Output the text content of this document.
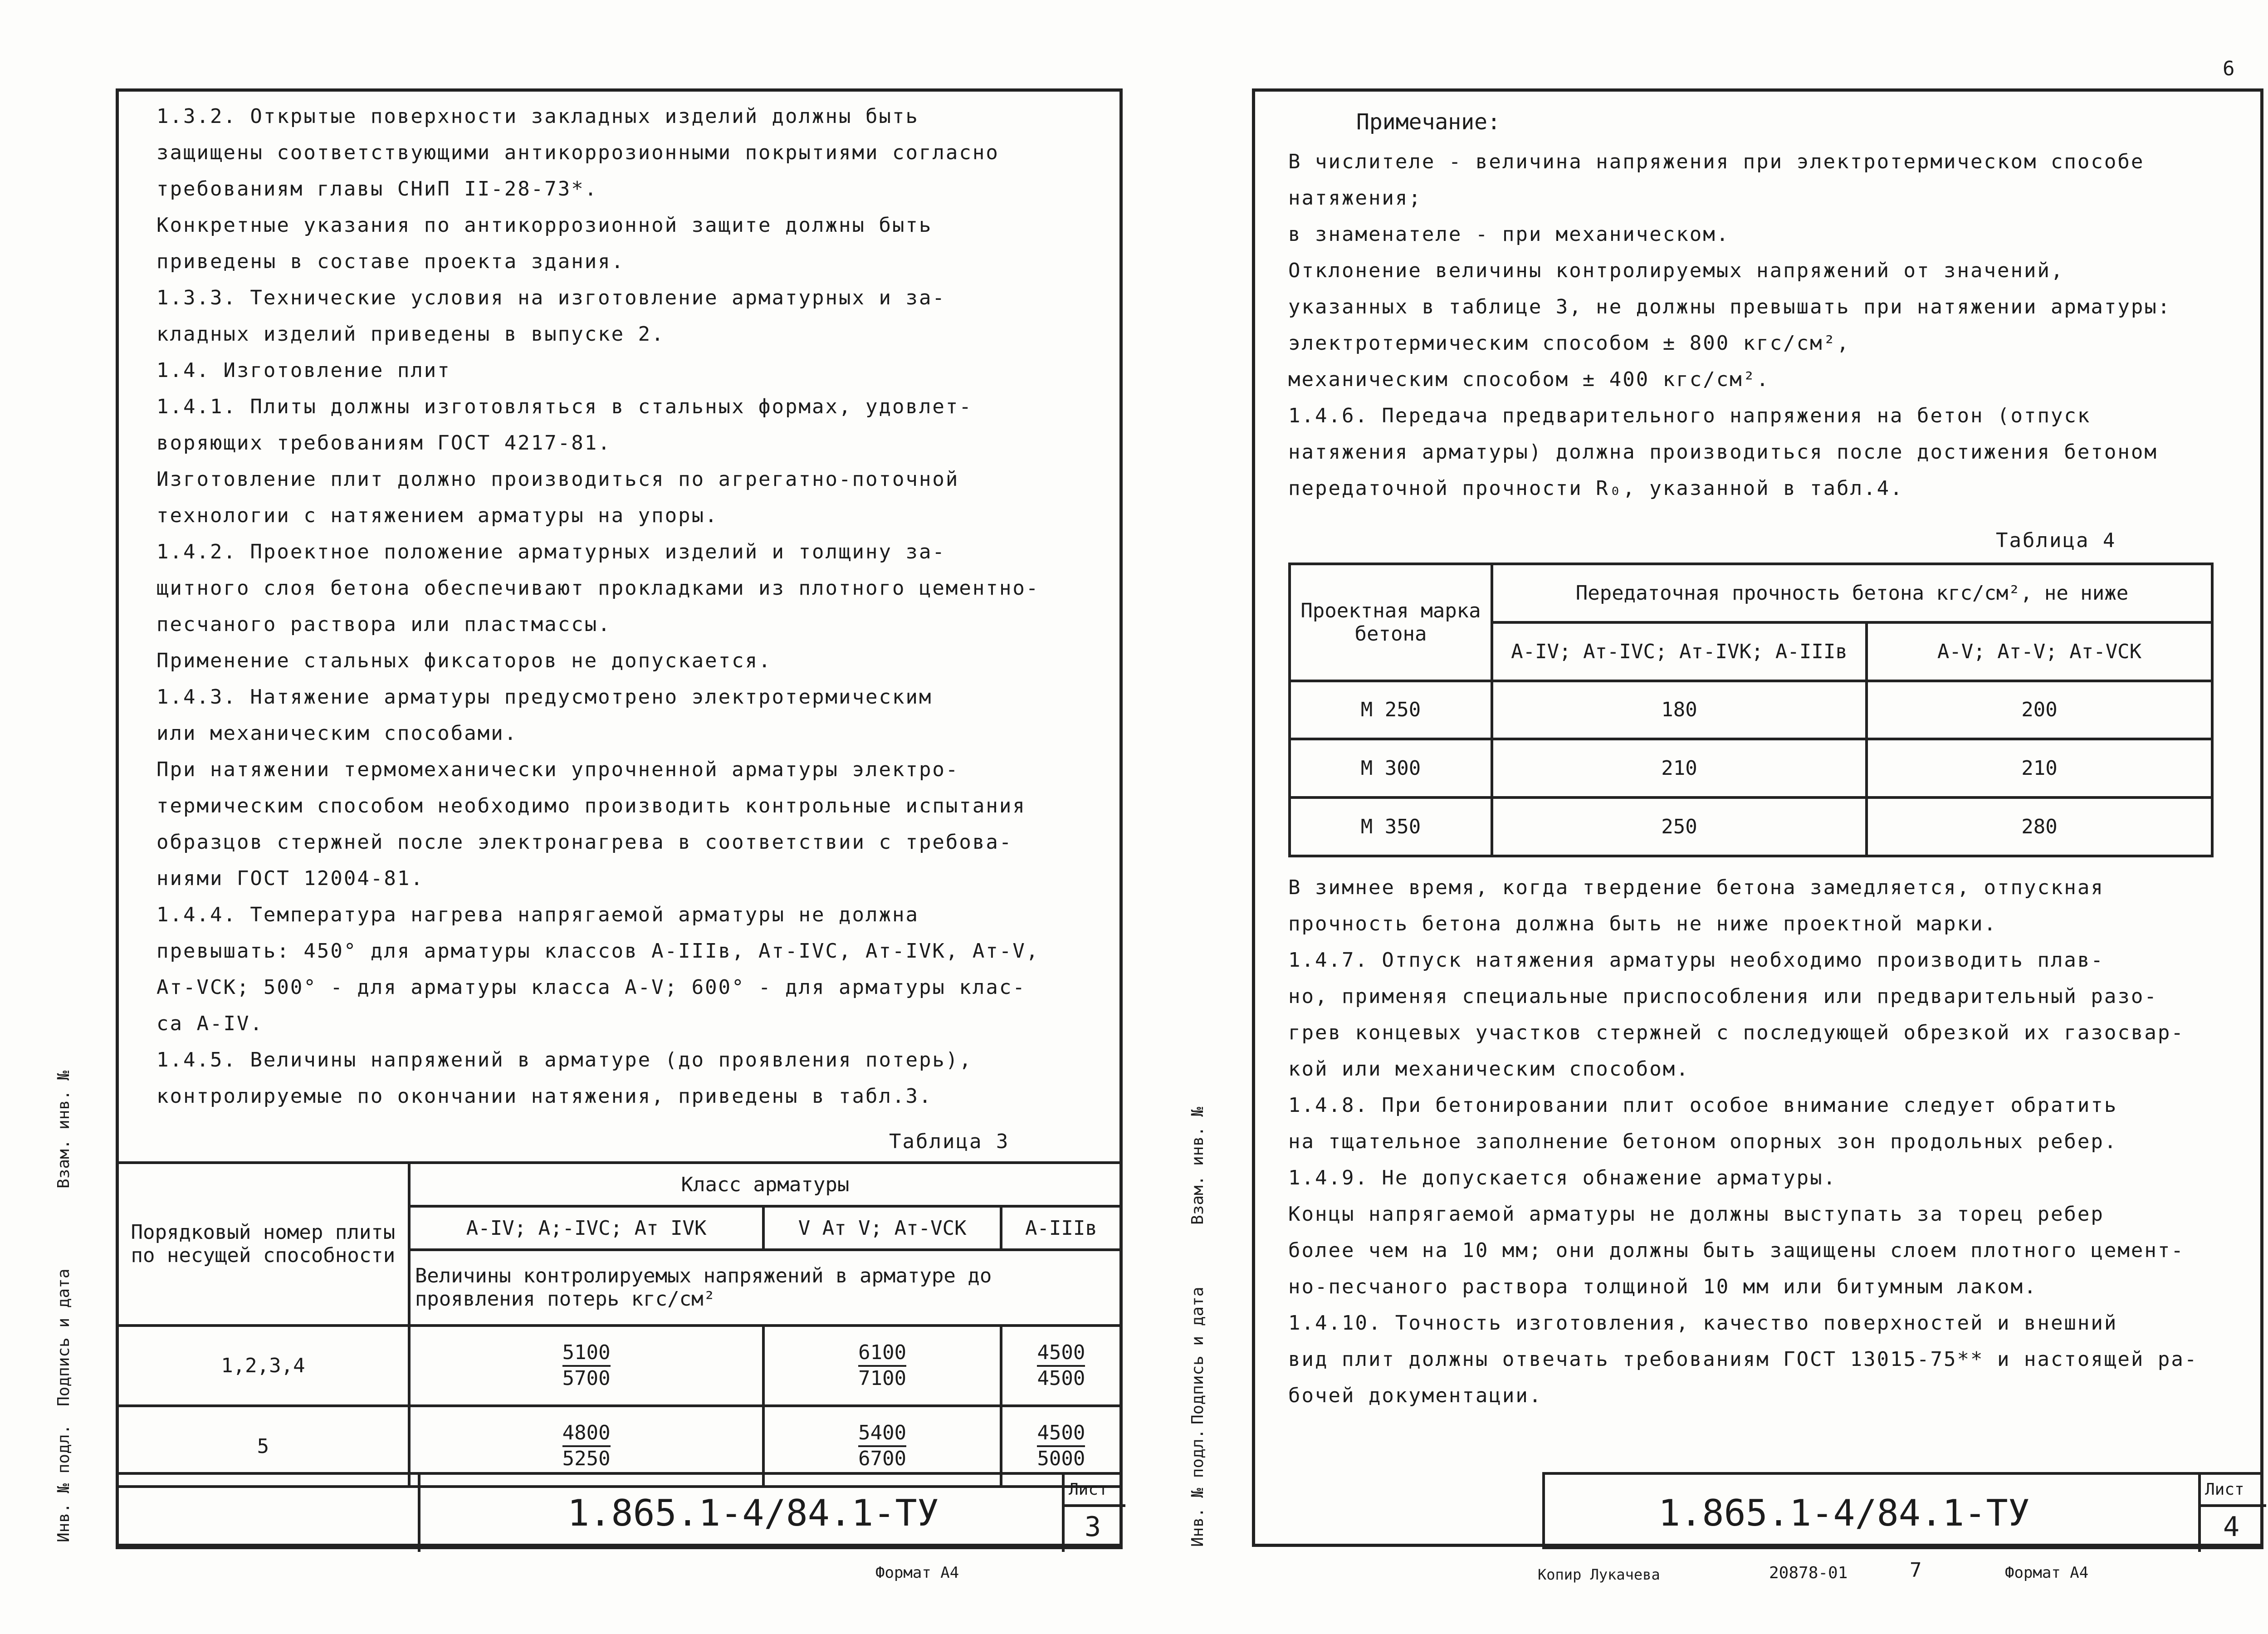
1.3.2. Открытые поверхности закладных изделий должны быть
защищены соответствующими антикоррозионными покрытиями согласно
требованиям главы СНиП II-28-73*.
Конкретные указания по антикоррозионной защите должны быть
приведены в составе проекта здания.
1.3.3. Технические условия на изготовление арматурных и за-
кладных изделий приведены в выпуске 2.
1.4. Изготовление плит
1.4.1. Плиты должны изготовляться в стальных формах, удовлет-
воряющих требованиям ГОСТ 4217-81.
Изготовление плит должно производиться по агрегатно-поточной
технологии с натяжением арматуры на упоры.
1.4.2. Проектное положение арматурных изделий и толщину за-
щитного слоя бетона обеспечивают прокладками из плотного цементно-
песчаного раствора или пластмассы.
Применение стальных фиксаторов не допускается.
1.4.3. Натяжение арматуры предусмотрено электротермическим
или механическим способами.
При натяжении термомеханически упрочненной арматуры электро-
термическим способом необходимо производить контрольные испытания
образцов стержней после электронагрева в соответствии с требова-
ниями ГОСТ 12004-81.
1.4.4. Температура нагрева напрягаемой арматуры не должна
превышать: 450° для арматуры классов А-IIIв, Ат-IVС, Ат-IVК, Ат-V,
Ат-VСК; 500° - для арматуры класса А-V; 600° - для арматуры клас-
са А-IV.
1.4.5. Величины напряжений в арматуре (до проявления потерь),
контролируемые по окончании натяжения, приведены в табл.3.
Порядковый номер плиты по несущей способности	Класс арматуры		
	А-IV; А;-IVС; Ат IVК	V Ат V; Ат-VСК	А-IIIв
	Величины контролируемых напряжений в арматуре до проявления потерь кгс/см²		
1,2,3,4	$\frac{5100}{5700}$	$\frac{6100}{7100}$	$\frac{4500}{4500}$
5	$\frac{4800}{5250}$	$\frac{5400}{6700}$	$\frac{4500}{5000}$
Таблица 3
1.865.1-4/84.1-ТУ
Лист
3
Формат А4
Взам. инв. №
Подпись и дата
Инв. № подл.
6
Примечание:
В числителе - величина напряжения при электротермическом способе
натяжения;
в знаменателе - при механическом.
Отклонение величины контролируемых напряжений от значений,
указанных в таблице 3, не должны превышать при натяжении арматуры:
электротермическим способом ± 800 кгс/см²,
механическим способом ± 400 кгс/см².
1.4.6. Передача предварительного напряжения на бетон (отпуск
натяжения арматуры) должна производиться после достижения бетоном
передаточной прочности R₀, указанной в табл.4.
Таблица 4
Проектная марка бетона	Передаточная прочность бетона кгс/см², не ниже	
	А-IV; Ат-IVС; Ат-IVК; А-IIIв	А-V; Ат-V; Ат-VСК
М 250	180	200
М 300	210	210
М 350	250	280
В зимнее время, когда твердение бетона замедляется, отпускная
прочность бетона должна быть не ниже проектной марки.
1.4.7. Отпуск натяжения арматуры необходимо производить плав-
но, применяя специальные приспособления или предварительный разо-
грев концевых участков стержней с последующей обрезкой их газосвар-
кой или механическим способом.
1.4.8. При бетонировании плит особое внимание следует обратить
на тщательное заполнение бетоном опорных зон продольных ребер.
1.4.9. Не допускается обнажение арматуры.
Концы напрягаемой арматуры не должны выступать за торец ребер
более чем на 10 мм; они должны быть защищены слоем плотного цемент-
но-песчаного раствора толщиной 10 мм или битумным лаком.
1.4.10. Точность изготовления, качество поверхностей и внешний
вид плит должны отвечать требованиям ГОСТ 13015-75** и настоящей ра-
бочей документации.
1.865.1-4/84.1-ТУ
Лист
4
Копир Лукачева	20878-01	7	Формат А4
Взам. инв. №
Подпись и дата
Инв. № подл.
